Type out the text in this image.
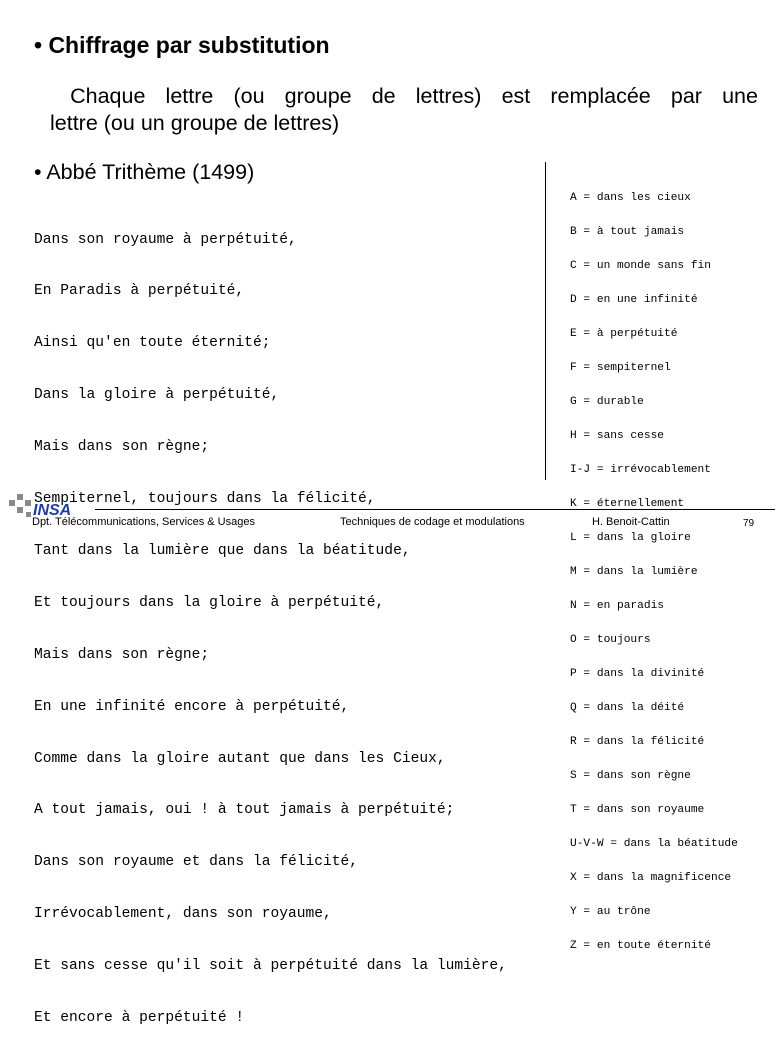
• Chiffrage par substitution
Chaque lettre (ou groupe de lettres) est remplacée par une
lettre (ou un groupe de lettres)
• Abbé Trithème (1499)

Dans son royaume à perpétuité,

En Paradis à perpétuité,

Ainsi qu'en toute éternité;

Dans la gloire à perpétuité,

Mais dans son règne;

Sempiternel, toujours dans la félicité,

Tant dans la lumière que dans la béatitude,

Et toujours dans la gloire à perpétuité,

Mais dans son règne;

En une infinité encore à perpétuité,

Comme dans la gloire autant que dans les Cieux,

A tout jamais, oui ! à tout jamais à perpétuité;

Dans son royaume et dans la félicité,

Irrévocablement, dans son royaume,

Et sans cesse qu'il soit à perpétuité dans la lumière,

Et encore à perpétuité !

A = dans les cieux

B = à tout jamais

C = un monde sans fin

D = en une infinité

E = à perpétuité

F = sempiternel

G = durable

H = sans cesse

I-J = irrévocablement

K = éternellement

L = dans la gloire

M = dans la lumière

N = en paradis

O = toujours

P = dans la divinité

Q = dans la déité

R = dans la félicité

S = dans son règne

T = dans son royaume

U-V-W = dans la béatitude

X = dans la magnificence

Y = au trône

Z = en toute éternité

INSA
Dpt. Télécommunications, Services & Usages	Techniques de codage et modulations	H. Benoit-Cattin	79
